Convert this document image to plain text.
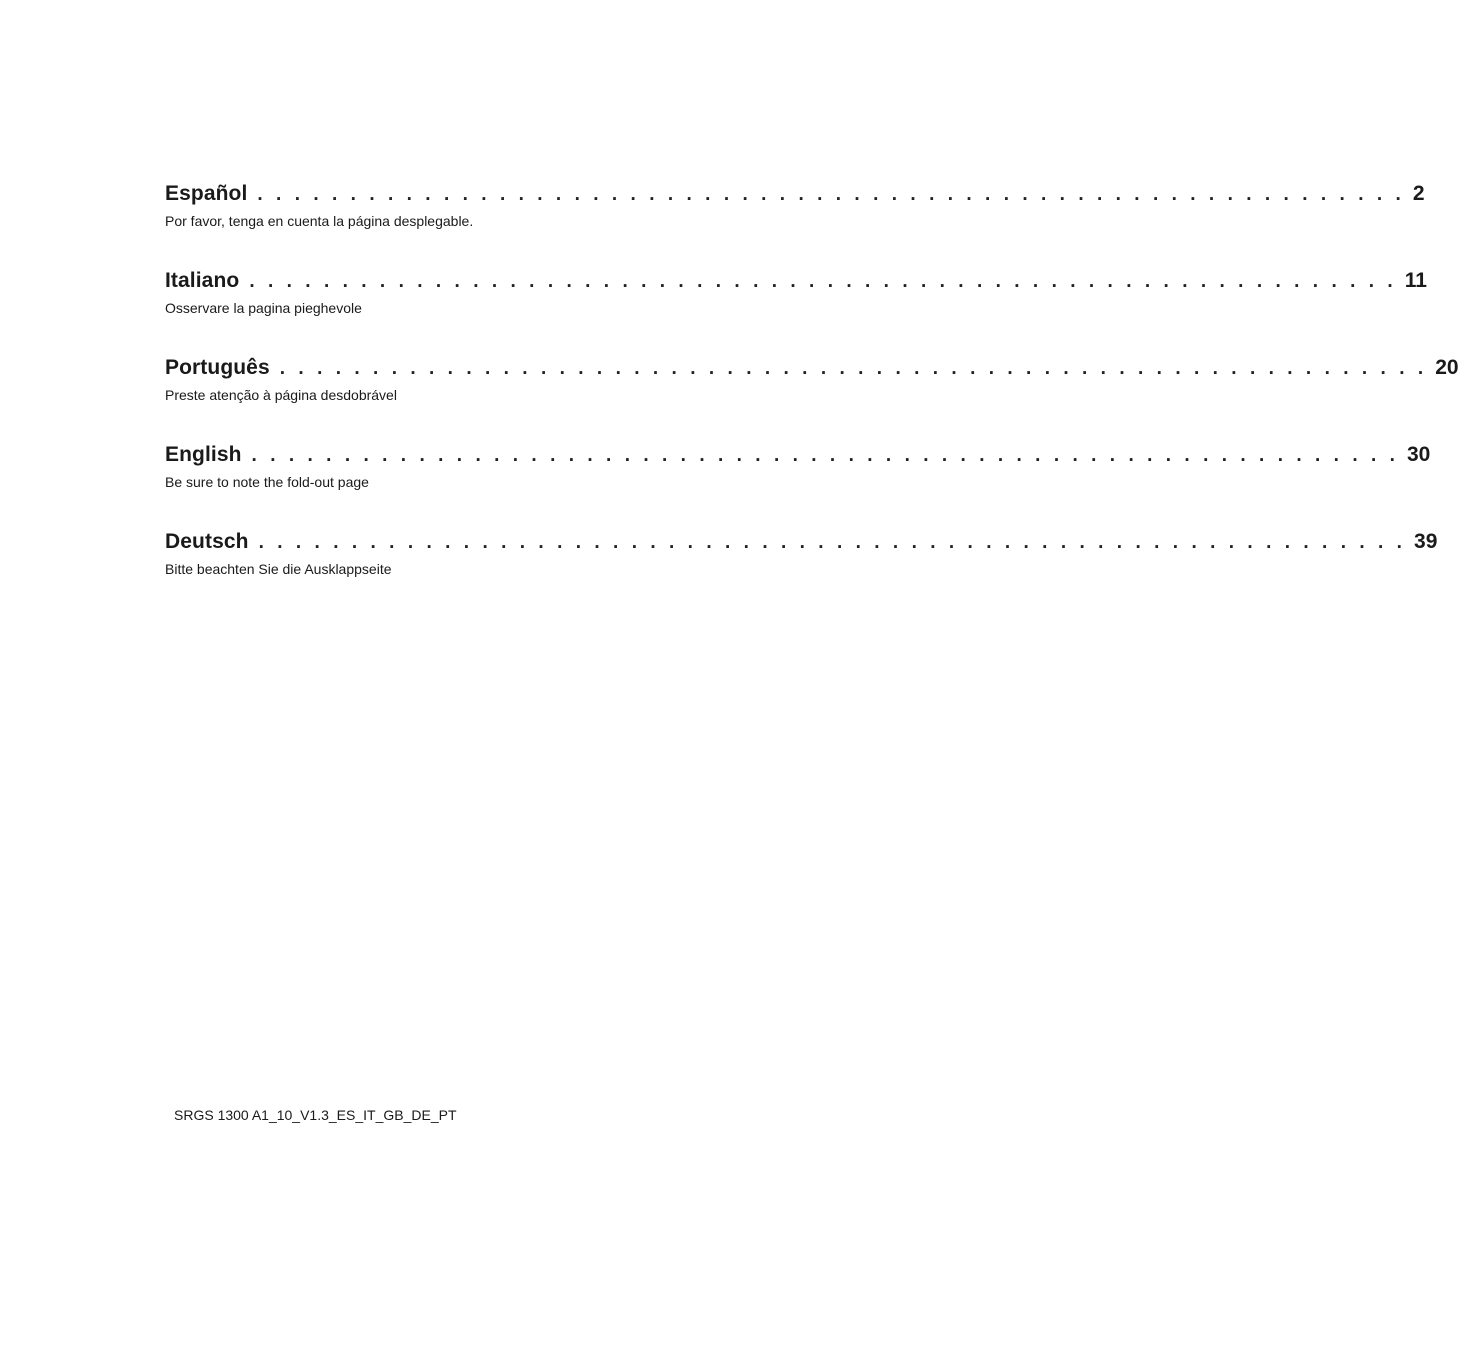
Español . . . . . . . . . . . . . . . . . . . . . . . . . . . . . . . . . . . . . . . . . . . . . . . . . . . . . . . . . . . . . . 2
Por favor, tenga en cuenta la página desplegable.
Italiano . . . . . . . . . . . . . . . . . . . . . . . . . . . . . . . . . . . . . . . . . . . . . . . . . . . . . . . . . . . . . . 11
Osservare la pagina pieghevole
Português . . . . . . . . . . . . . . . . . . . . . . . . . . . . . . . . . . . . . . . . . . . . . . . . . . . . . . . . . . . . . . 20
Preste atenção à página desdobrável
English . . . . . . . . . . . . . . . . . . . . . . . . . . . . . . . . . . . . . . . . . . . . . . . . . . . . . . . . . . . . . . 30
Be sure to note the fold-out page
Deutsch . . . . . . . . . . . . . . . . . . . . . . . . . . . . . . . . . . . . . . . . . . . . . . . . . . . . . . . . . . . . . . 39
Bitte beachten Sie die Ausklappseite
SRGS 1300 A1_10_V1.3_ES_IT_GB_DE_PT
